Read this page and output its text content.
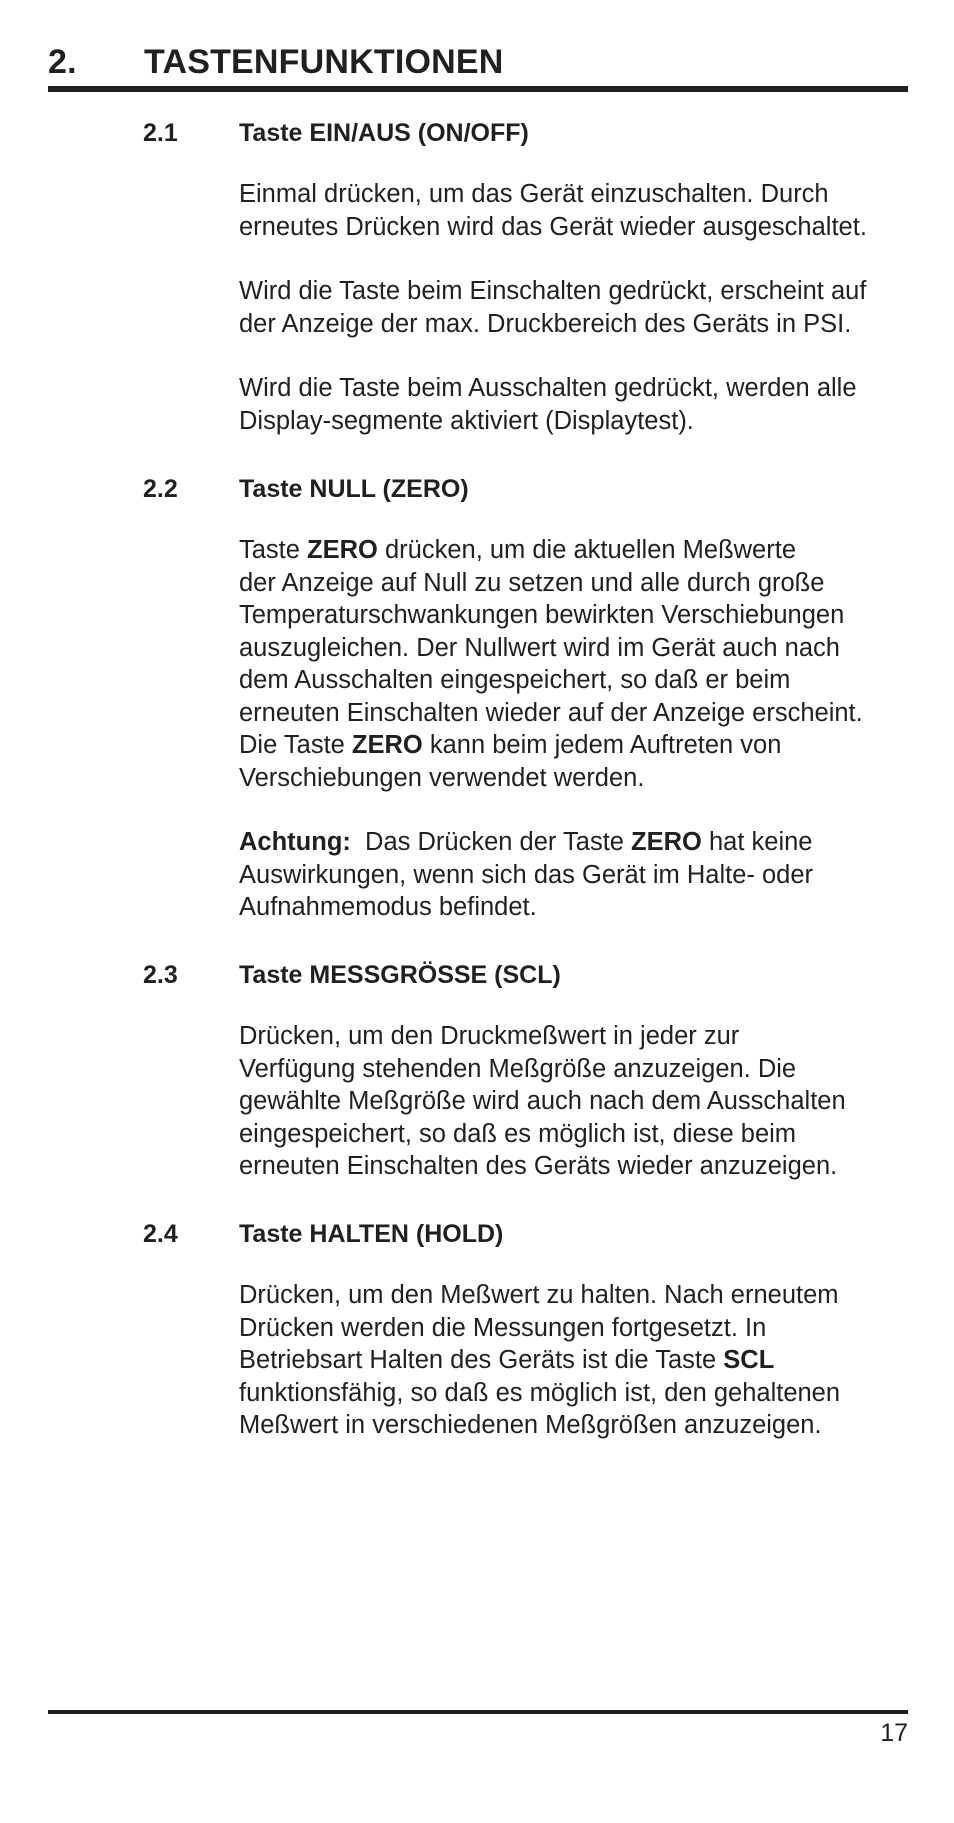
2. TASTENFUNKTIONEN
2.1 Taste EIN/AUS (ON/OFF)

Einmal drücken, um das Gerät einzuschalten. Durch
erneutes Drücken wird das Gerät wieder ausgeschaltet.

Wird die Taste beim Einschalten gedrückt, erscheint auf
der Anzeige der max. Druckbereich des Geräts in PSI.

Wird die Taste beim Ausschalten gedrückt, werden alle
Display-segmente aktiviert (Displaytest).

2.2 Taste NULL (ZERO)

Taste ZERO drücken, um die aktuellen Meßwerte
der Anzeige auf Null zu setzen und alle durch große
Temperaturschwankungen bewirkten Verschiebungen
auszugleichen. Der Nullwert wird im Gerät auch nach
dem Ausschalten eingespeichert, so daß er beim
erneuten Einschalten wieder auf der Anzeige erscheint.
Die Taste ZERO kann beim jedem Auftreten von
Verschiebungen verwendet werden.

Achtung:  Das Drücken der Taste ZERO hat keine
Auswirkungen, wenn sich das Gerät im Halte- oder
Aufnahmemodus befindet.

2.3 Taste MESSGRÖSSE (SCL)

Drücken, um den Druckmeßwert in jeder zur
Verfügung stehenden Meßgröße anzuzeigen. Die
gewählte Meßgröße wird auch nach dem Ausschalten
eingespeichert, so daß es möglich ist, diese beim
erneuten Einschalten des Geräts wieder anzuzeigen.

2.4 Taste HALTEN (HOLD)

Drücken, um den Meßwert zu halten. Nach erneutem
Drücken werden die Messungen fortgesetzt. In
Betriebsart Halten des Geräts ist die Taste SCL
funktionsfähig, so daß es möglich ist, den gehaltenen
Meßwert in verschiedenen Meßgrößen anzuzeigen.

17
